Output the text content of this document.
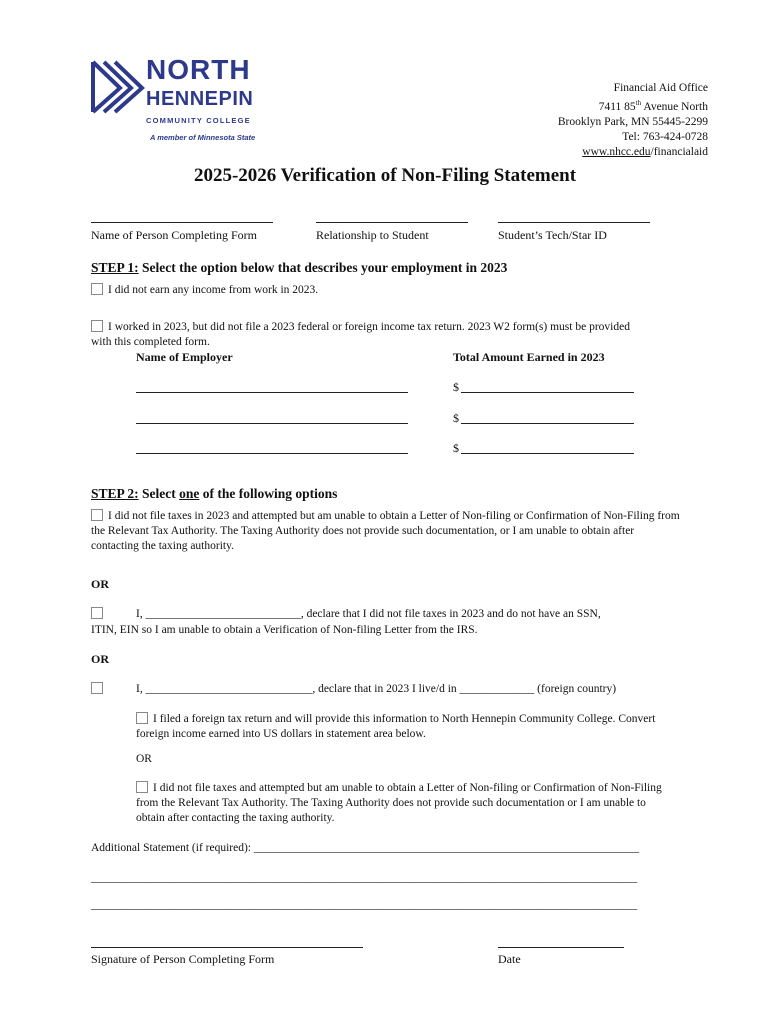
NORTH
HENNEPIN
COMMUNITY COLLEGE
A member of Minnesota State
Financial Aid Office
7411 85th Avenue North
Brooklyn Park, MN 55445-2299
Tel: 763-424-0728
www.nhcc.edu/financialaid
2025-2026 Verification of Non-Filing Statement
Name of Person Completing Form	Relationship to Student	Student’s Tech/Star ID
STEP 1: Select the option below that describes your employment in 2023
I did not earn any income from work in 2023.
I worked in 2023, but did not file a 2023 federal or foreign income tax return. 2023 W2 form(s) must be provided with this completed form.
Name of Employer	Total Amount Earned in 2023
$
$
$
STEP 2: Select one of the following options
I did not file taxes in 2023 and attempted but am unable to obtain a Letter of Non-filing or Confirmation of Non-Filing from the Relevant Tax Authority. The Taxing Authority does not provide such documentation, or I am unable to obtain after contacting the taxing authority.
OR
I, ___________________________, declare that I did not file taxes in 2023 and do not have an SSN,
ITIN, EIN so I am unable to obtain a Verification of Non-filing Letter from the IRS.
OR
I, _____________________________, declare that in 2023 I live/d in _____________ (foreign country)
I filed a foreign tax return and will provide this information to North Hennepin Community College. Convert foreign income earned into US dollars in statement area below.
OR
I did not file taxes and attempted but am unable to obtain a Letter of Non-filing or Confirmation of Non-Filing from the Relevant Tax Authority. The Taxing Authority does not provide such documentation or I am unable to obtain after contacting the taxing authority.
Additional Statement (if required): ___________________________________________________________________
_______________________________________________________________________________________________
_______________________________________________________________________________________________
Signature of Person Completing Form	Date
